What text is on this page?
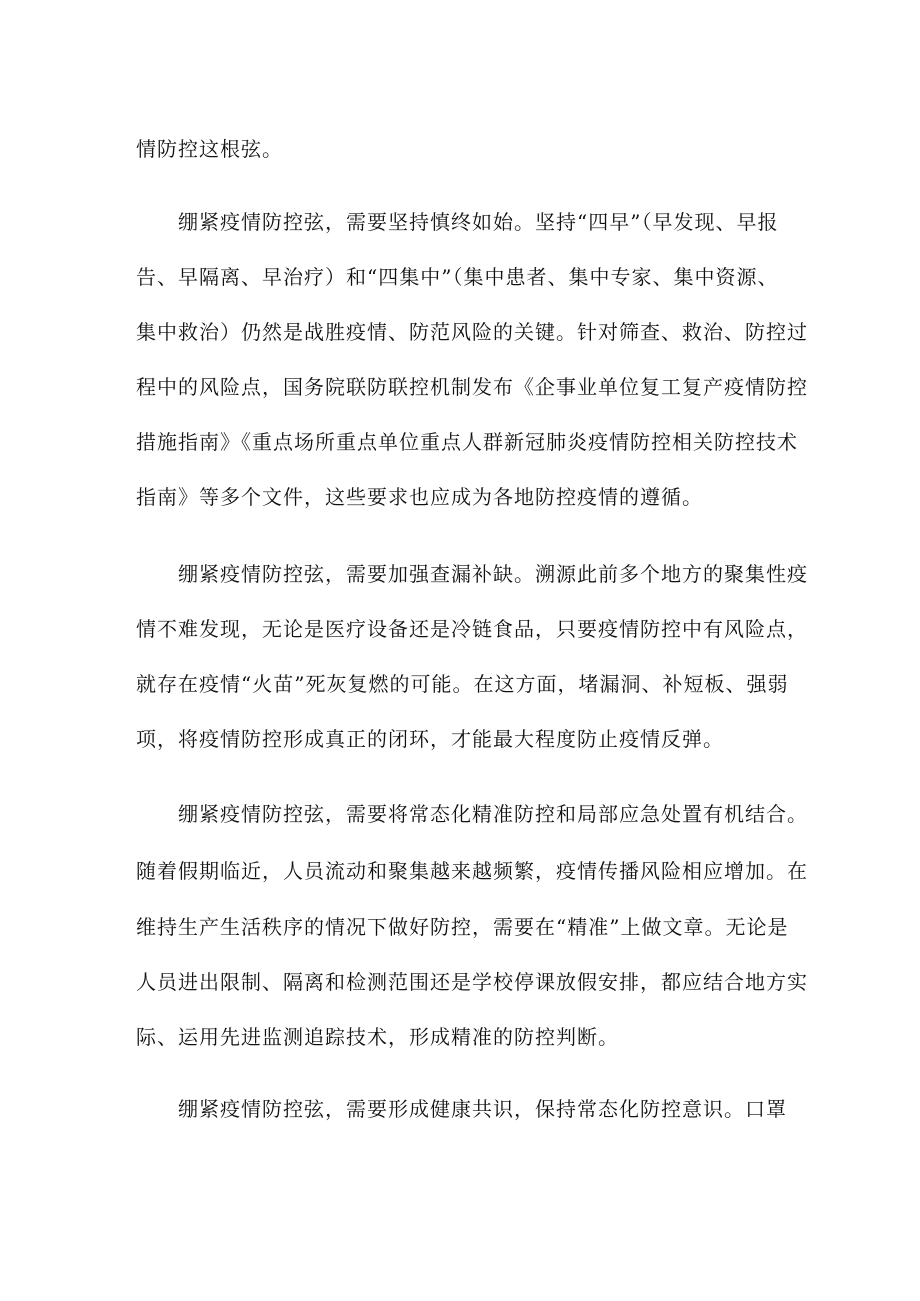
情防控这根弦。
绷紧疫情防控弦，需要坚持慎终如始。坚持“四早”（早发现、早报
告、早隔离、早治疗）和“四集中”（集中患者、集中专家、集中资源、
集中救治）仍然是战胜疫情、防范风险的关键。针对筛查、救治、防控过
程中的风险点，国务院联防联控机制发布《企事业单位复工复产疫情防控
措施指南》《重点场所重点单位重点人群新冠肺炎疫情防控相关防控技术
指南》等多个文件，这些要求也应成为各地防控疫情的遵循。
绷紧疫情防控弦，需要加强查漏补缺。溯源此前多个地方的聚集性疫
情不难发现，无论是医疗设备还是冷链食品，只要疫情防控中有风险点，
就存在疫情“火苗”死灰复燃的可能。在这方面，堵漏洞、补短板、强弱
项，将疫情防控形成真正的闭环，才能最大程度防止疫情反弹。
绷紧疫情防控弦，需要将常态化精准防控和局部应急处置有机结合。
随着假期临近，人员流动和聚集越来越频繁，疫情传播风险相应增加。在
维持生产生活秩序的情况下做好防控，需要在“精准”上做文章。无论是
人员进出限制、隔离和检测范围还是学校停课放假安排，都应结合地方实
际、运用先进监测追踪技术，形成精准的防控判断。
绷紧疫情防控弦，需要形成健康共识，保持常态化防控意识。口罩
